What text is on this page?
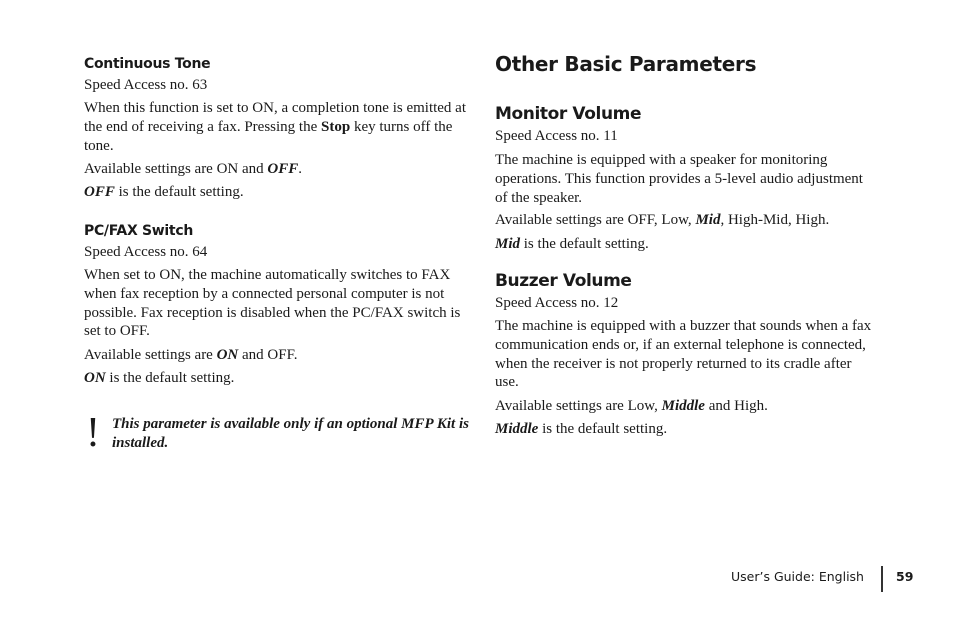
Continuous Tone

Speed Access no. 63

When this function is set to ON, a completion tone is emitted at the end of receiving a fax. Pressing the Stop key turns off the tone.

Available settings are ON and OFF.

OFF is the default setting.

PC/FAX Switch

Speed Access no. 64

When set to ON, the machine automatically switches to FAX when fax reception by a connected personal computer is not possible. Fax reception is disabled when the PC/FAX switch is set to OFF.

Available settings are ON and OFF.

ON is the default setting.

! This parameter is available only if an optional MFP Kit is installed.

Other Basic Parameters
Monitor Volume

Speed Access no. 11

The machine is equipped with a speaker for monitoring operations. This function provides a 5-level audio adjustment of the speaker.

Available settings are OFF, Low, Mid, High-Mid, High.

Mid is the default setting.

Buzzer Volume

Speed Access no. 12

The machine is equipped with a buzzer that sounds when a fax communication ends or, if an external telephone is connected, when the receiver is not properly returned to its cradle after use.

Available settings are Low, Middle and High.

Middle is the default setting.

User’s Guide: English	59
